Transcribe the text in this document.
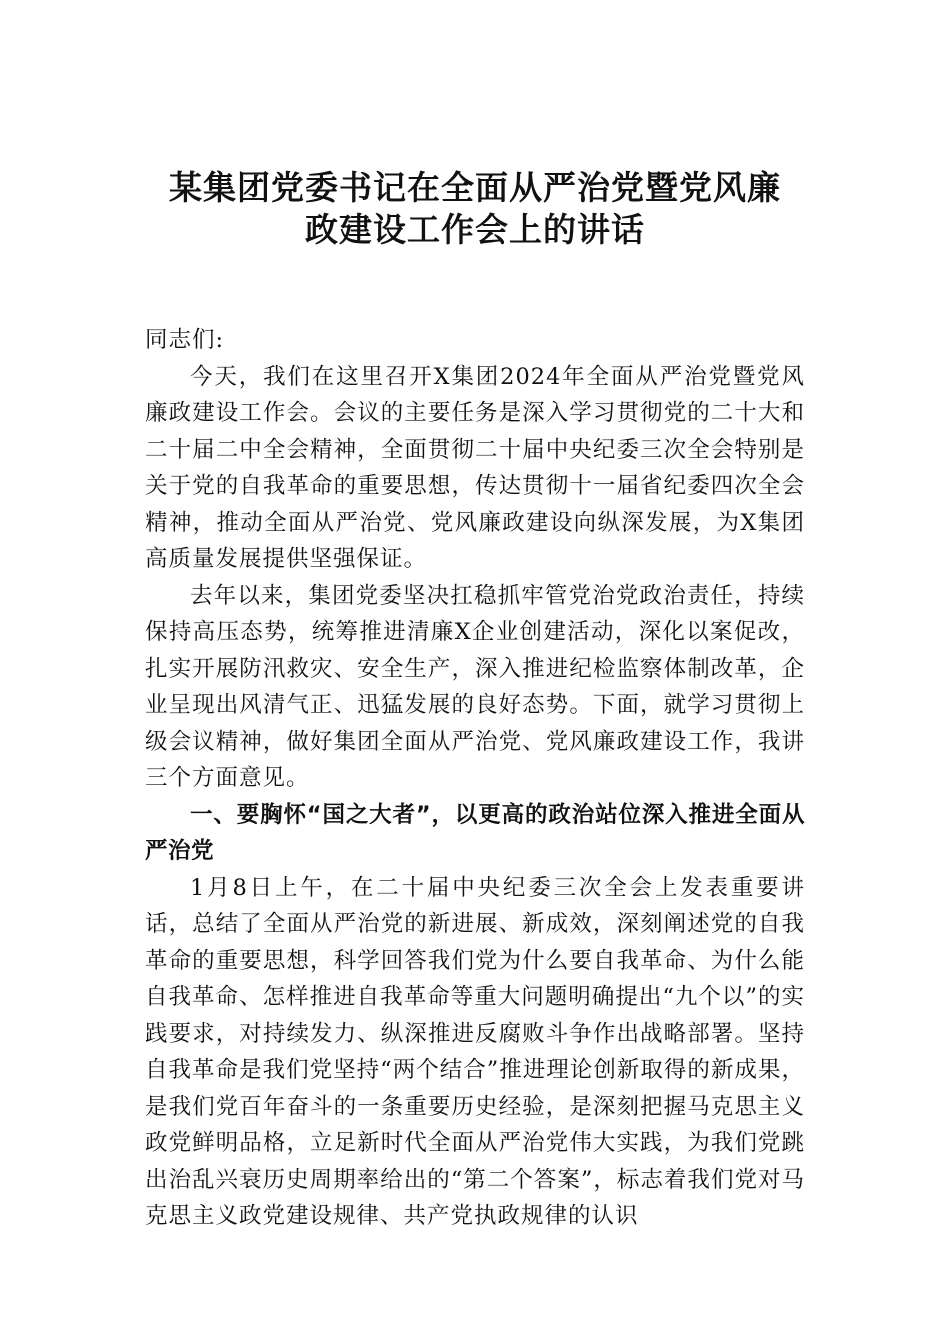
某集团党委书记在全面从严治党暨党风廉
政建设工作会上的讲话

同志们:

今天，我们在这里召开X集团2024年全面从严治党暨党风廉政建设工作会。会议的主要任务是深入学习贯彻党的二十大和二十届二中全会精神，全面贯彻二十届中央纪委三次全会特别是关于党的自我革命的重要思想，传达贯彻十一届省纪委四次全会精神，推动全面从严治党、党风廉政建设向纵深发展，为X集团高质量发展提供坚强保证。

去年以来，集团党委坚决扛稳抓牢管党治党政治责任，持续保持高压态势，统筹推进清廉X企业创建活动，深化以案促改，扎实开展防汛救灾、安全生产，深入推进纪检监察体制改革，企业呈现出风清气正、迅猛发展的良好态势。下面，就学习贯彻上级会议精神，做好集团全面从严治党、党风廉政建设工作，我讲三个方面意见。

一、要胸怀“国之大者”，以更高的政治站位深入推进全面从严治党

1月8日上午，在二十届中央纪委三次全会上发表重要讲话，总结了全面从严治党的新进展、新成效，深刻阐述党的自我革命的重要思想，科学回答我们党为什么要自我革命、为什么能自我革命、怎样推进自我革命等重大问题明确提出“九个以”的实践要求，对持续发力、纵深推进反腐败斗争作出战略部署。坚持自我革命是我们党坚持“两个结合”推进理论创新取得的新成果，是我们党百年奋斗的一条重要历史经验，是深刻把握马克思主义政党鲜明品格，立足新时代全面从严治党伟大实践，为我们党跳出治乱兴衰历史周期率给出的“第二个答案”，标志着我们党对马克思主义政党建设规律、共产党执政规律的认识
